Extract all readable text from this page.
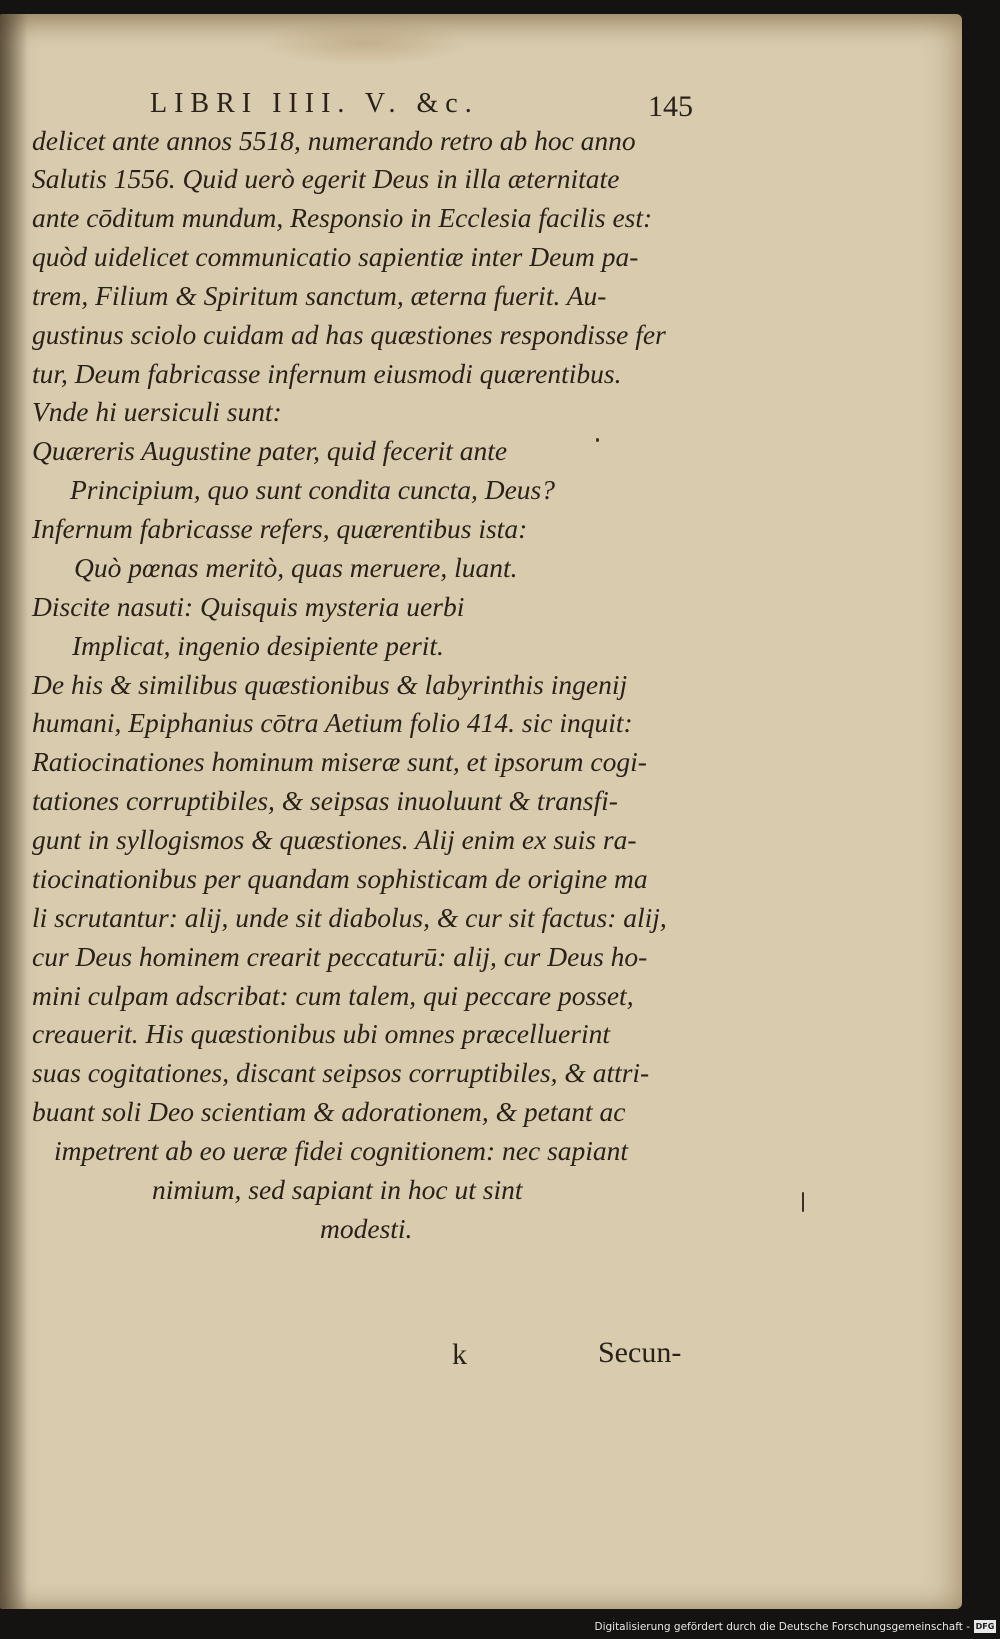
LIBRI IIII. V. &c.	145
delicet ante annos 5518, numerando retro ab hoc anno
Salutis 1556. Quid uerò egerit Deus in illa æternitate
ante cōditum mundum, Responsio in Ecclesia facilis est:
quòd uidelicet communicatio sapientiæ inter Deum pa-
trem, Filium & Spiritum sanctum, æterna fuerit. Au-
gustinus sciolo cuidam ad has quæstiones respondisse fer
tur, Deum fabricasse infernum eiusmodi quærentibus.
Vnde hi uersiculi sunt:
Quæreris Augustine pater, quid fecerit ante
Principium, quo sunt condita cuncta, Deus?
Infernum fabricasse refers, quærentibus ista:
Quò pœnas meritò, quas meruere, luant.
Discite nasuti: Quisquis mysteria uerbi
Implicat, ingenio desipiente perit.
De his & similibus quæstionibus & labyrinthis ingenij
humani, Epiphanius cōtra Aetium folio 414. sic inquit:
Ratiocinationes hominum miseræ sunt, et ipsorum cogi-
tationes corruptibiles, & seipsas inuoluunt & transfi-
gunt in syllogismos & quæstiones. Alij enim ex suis ra-
tiocinationibus per quandam sophisticam de origine ma
li scrutantur: alij, unde sit diabolus, & cur sit factus: alij,
cur Deus hominem crearit peccaturū: alij, cur Deus ho-
mini culpam adscribat: cum talem, qui peccare posset,
creauerit. His quæstionibus ubi omnes præcelluerint
suas cogitationes, discant seipsos corruptibiles, & attri-
buant soli Deo scientiam & adorationem, & petant ac
impetrent ab eo ueræ fidei cognitionem: nec sapiant
nimium, sed sapiant in hoc ut sint
modesti.
k	Secun-
Digitalisierung gefördert durch die Deutsche Forschungsgemeinschaft - DFG
